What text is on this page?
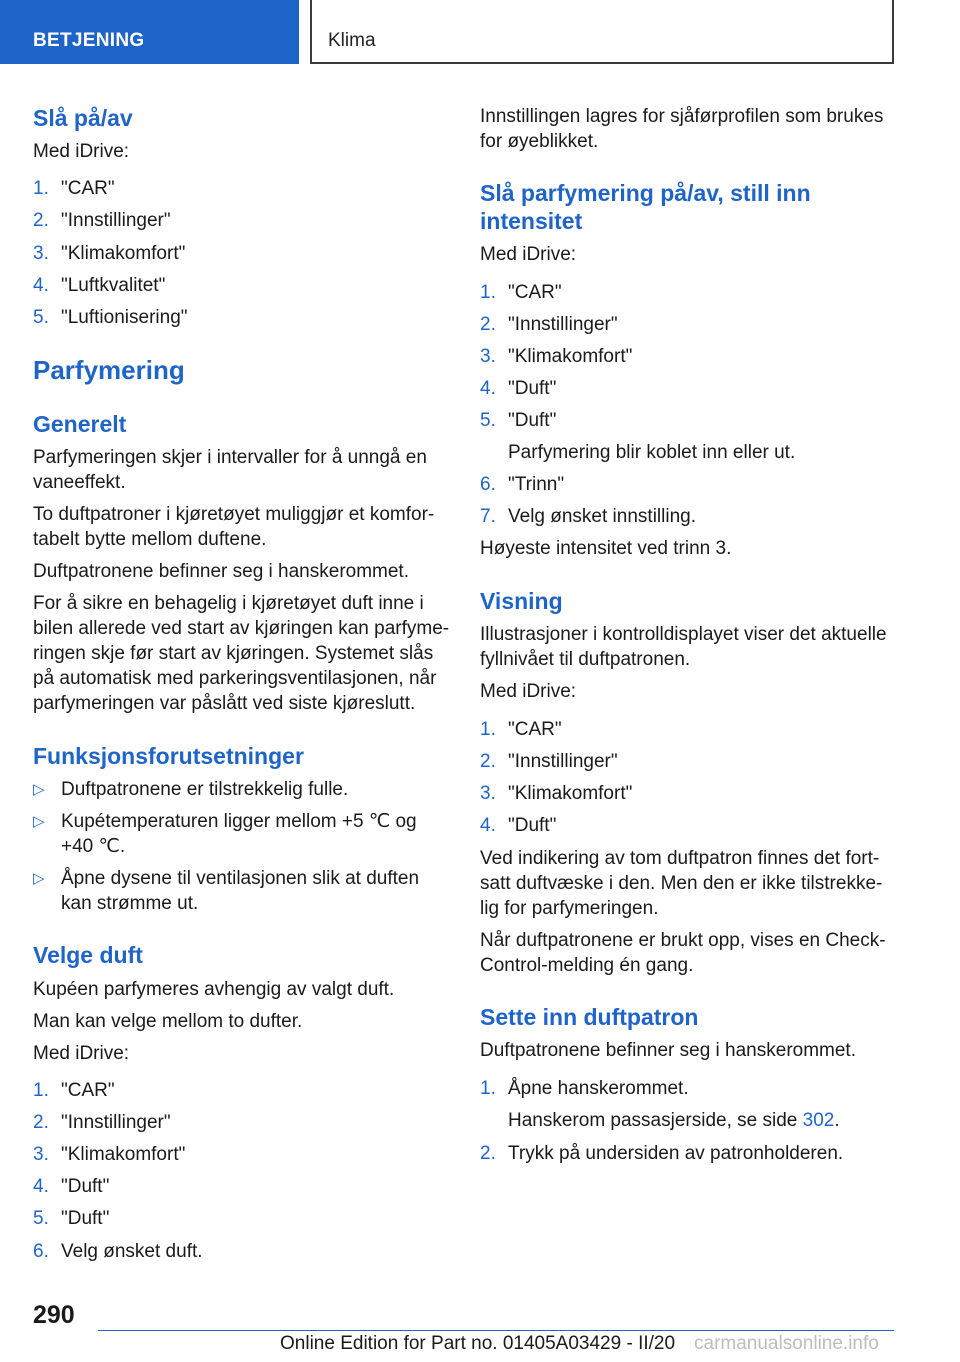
BETJENING	Klima
Slå på/av
Med iDrive:
1. "CAR"
2. "Innstillinger"
3. "Klimakomfort"
4. "Luftkvalitet"
5. "Luftionisering"
Parfymering
Generelt
Parfymeringen skjer i intervaller for å unngå en
vaneeffekt.
To duftpatroner i kjøretøyet muliggjør et komfor-
tabelt bytte mellom duftene.
Duftpatronene befinner seg i hanskerommet.
For å sikre en behagelig i kjøretøyet duft inne i
bilen allerede ved start av kjøringen kan parfyme-
ringen skje før start av kjøringen. Systemet slås
på automatisk med parkeringsventilasjonen, når
parfymeringen var påslått ved siste kjøreslutt.
Funksjonsforutsetninger
▷ Duftpatronene er tilstrekkelig fulle.
▷ Kupétemperaturen ligger mellom +5 ℃ og
+40 ℃.
▷ Åpne dysene til ventilasjonen slik at duften
kan strømme ut.
Velge duft
Kupéen parfymeres avhengig av valgt duft.
Man kan velge mellom to dufter.
Med iDrive:
1. "CAR"
2. "Innstillinger"
3. "Klimakomfort"
4. "Duft"
5. "Duft"
6. Velg ønsket duft.
Innstillingen lagres for sjåførprofilen som brukes
for øyeblikket.
Slå parfymering på/av, still inn
intensitet
Med iDrive:
1. "CAR"
2. "Innstillinger"
3. "Klimakomfort"
4. "Duft"
5. "Duft"
Parfymering blir koblet inn eller ut.
6. "Trinn"
7. Velg ønsket innstilling.
Høyeste intensitet ved trinn 3.
Visning
Illustrasjoner i kontrolldisplayet viser det aktuelle
fyllnivået til duftpatronen.
Med iDrive:
1. "CAR"
2. "Innstillinger"
3. "Klimakomfort"
4. "Duft"
Ved indikering av tom duftpatron finnes det fort-
satt duftvæske i den. Men den er ikke tilstrekke-
lig for parfymeringen.
Når duftpatronene er brukt opp, vises en Check-
Control-melding én gang.
Sette inn duftpatron
Duftpatronene befinner seg i hanskerommet.
1. Åpne hanskerommet.
Hanskerom passasjerside, se side 302.
2. Trykk på undersiden av patronholderen.
290
Online Edition for Part no. 01405A03429 - II/20 carmanualsonline.info
